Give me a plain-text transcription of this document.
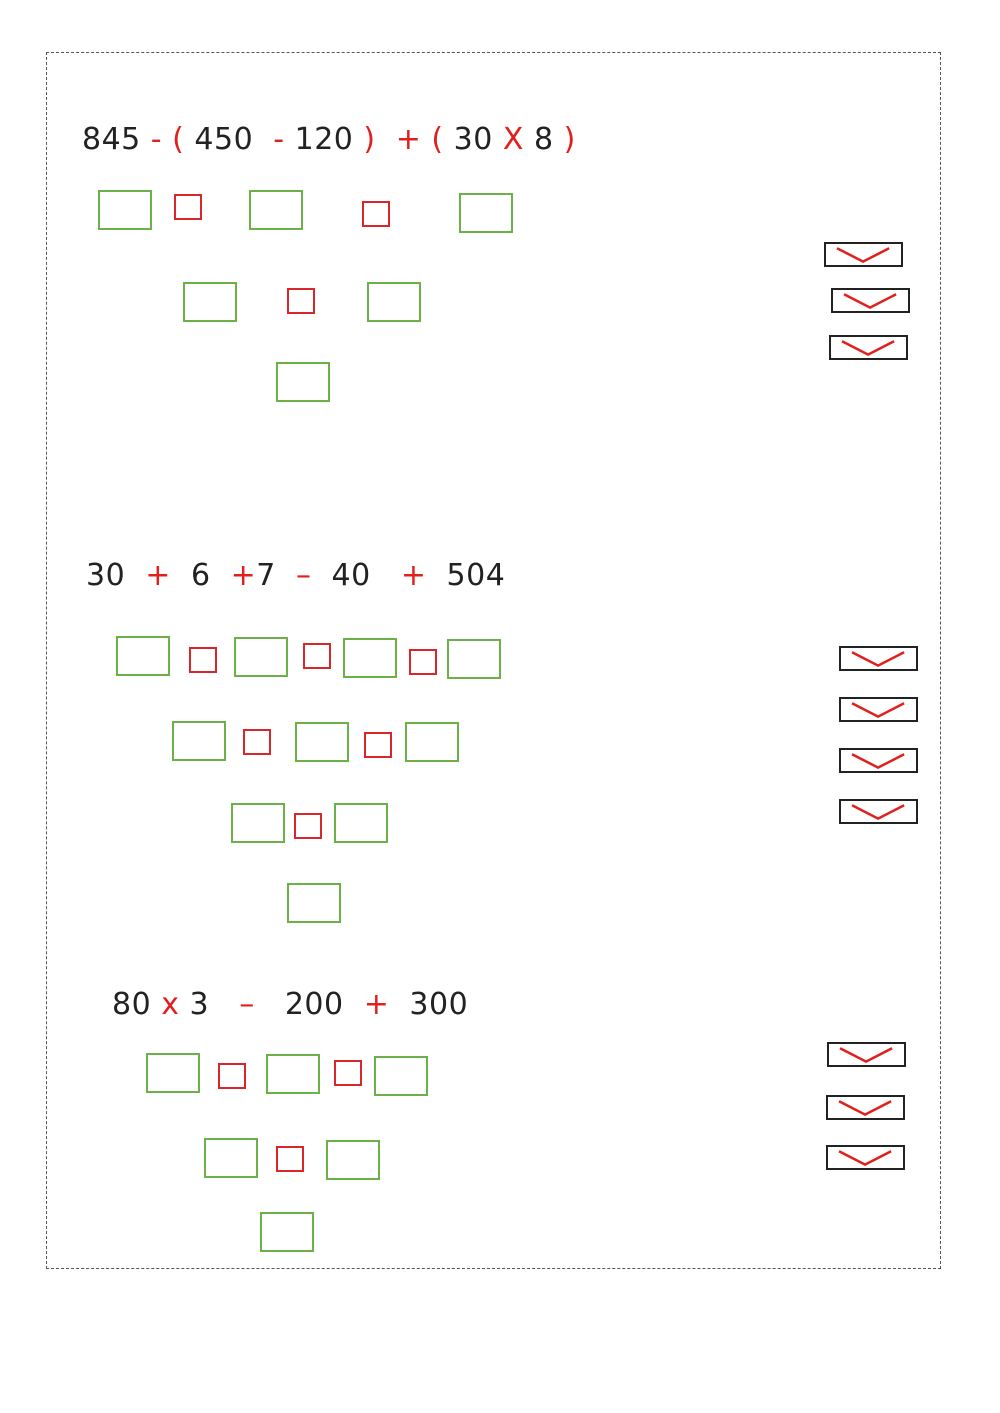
845 - ( 450  - 120 )  + ( 30 X 8 )
30  +  6  +7  –  40   +  504
80 x 3   –   200  +  300
